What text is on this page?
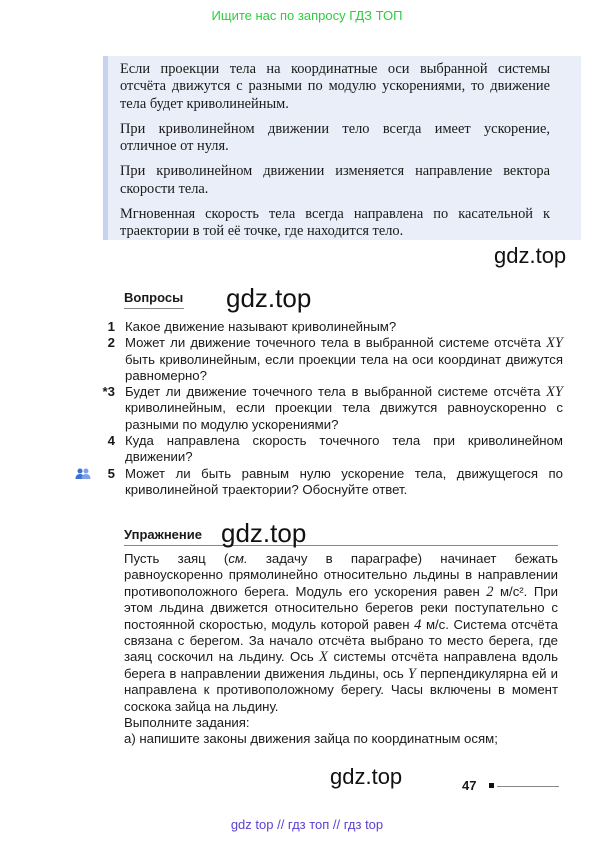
Ищите нас по запросу ГДЗ ТОП

Если проекции тела на координатные оси выбранной системы отсчёта движутся с разными по модулю ускорениями, то движение тела будет криволинейным.

При криволинейном движении тело всегда имеет ускорение, отличное от нуля.

При криволинейном движении изменяется направление вектора скорости тела.

Мгновенная скорость тела всегда направлена по касательной к траектории в той её точке, где находится тело.

gdz.top
Вопросы gdz.top
1 Какое движение называют криволинейным?
2 Может ли движение точечного тела в выбранной системе отсчёта XY быть криволинейным, если проекции тела на оси координат движутся равномерно?
*3 Будет ли движение точечного тела в выбранной системе отсчёта XY криволинейным, если проекции тела движутся равноускоренно с разными по модулю ускорениями?
4 Куда направлена скорость точечного тела при криволинейном движении?
5 Может ли быть равным нулю ускорение тела, движущегося по криволинейной траектории? Обоснуйте ответ.
Упражнение gdz.top

Пусть заяц (см. задачу в параграфе) начинает бежать равноускоренно прямолинейно относительно льдины в направлении противоположного берега. Модуль его ускорения равен 2 м/с². При этом льдина движется относительно берегов реки поступательно с постоянной скоростью, модуль которой равен 4 м/с. Система отсчёта связана с берегом. За начало отсчёта выбрано то место берега, где заяц соскочил на льдину. Ось X системы отсчёта направлена вдоль берега в направлении движения льдины, ось Y перпендикулярна ей и направлена к противоположному берегу. Часы включены в момент соскока зайца на льдину.

Выполните задания:

а) напишите законы движения зайца по координатным осям;

gdz.top	47
gdz top // гдз топ // гдз top
